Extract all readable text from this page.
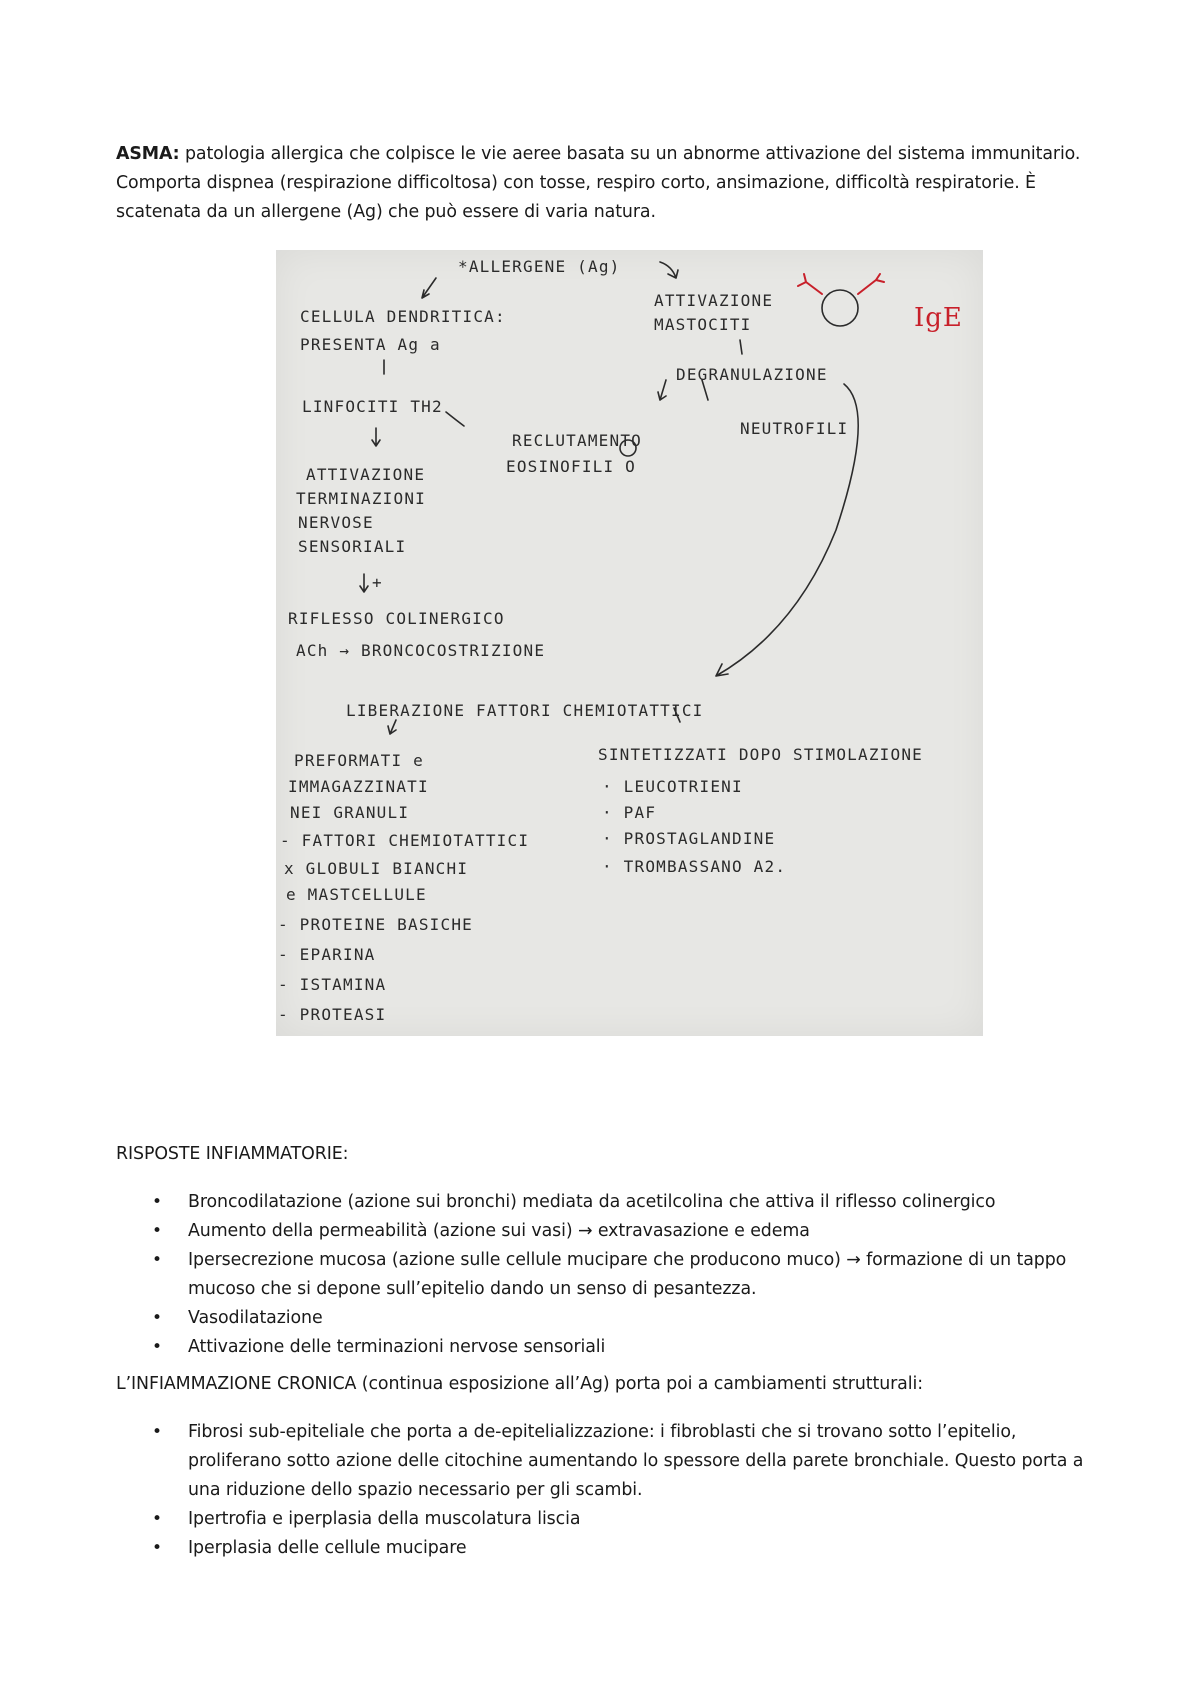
ASMA: patologia allergica che colpisce le vie aeree basata su un abnorme attivazione del sistema immunitario. Comporta dispnea (respirazione difficoltosa) con tosse, respiro corto, ansimazione, difficoltà respiratorie. È scatenata da un allergene (Ag) che può essere di varia natura.

*ALLERGENE (Ag)
CELLULA DENDRITICA:
PRESENTA Ag a
LINFOCITI TH2
ATTIVAZIONE
TERMINAZIONI
NERVOSE
SENSORIALI
+
RIFLESSO COLINERGICO
ACh → BRONCOCOSTRIZIONE
RECLUTAMENTO
EOSINOFILI O
ATTIVAZIONE
MASTOCITI
DEGRANULAZIONE
NEUTROFILI
IgE
LIBERAZIONE FATTORI CHEMIOTATTICI
PREFORMATI e
IMMAGAZZINATI
NEI GRANULI
- FATTORI CHEMIOTATTICI
x GLOBULI BIANCHI
e MASTCELLULE
- PROTEINE BASICHE
- EPARINA
- ISTAMINA
- PROTEASI
SINTETIZZATI DOPO STIMOLAZIONE
· LEUCOTRIENI
· PAF
· PROSTAGLANDINE
· TROMBASSANO A2.

RISPOSTE INFIAMMATORIE:

• Broncodilatazione (azione sui bronchi) mediata da acetilcolina che attiva il riflesso colinergico
• Aumento della permeabilità (azione sui vasi) → extravasazione e edema
• Ipersecrezione mucosa (azione sulle cellule mucipare che producono muco) → formazione di un tappo mucoso che si depone sull’epitelio dando un senso di pesantezza.
• Vasodilatazione
• Attivazione delle terminazioni nervose sensoriali

L’INFIAMMAZIONE CRONICA (continua esposizione all’Ag) porta poi a cambiamenti strutturali:

• Fibrosi sub-epiteliale che porta a de-epitelializzazione: i fibroblasti che si trovano sotto l’epitelio, proliferano sotto azione delle citochine aumentando lo spessore della parete bronchiale. Questo porta a una riduzione dello spazio necessario per gli scambi.
• Ipertrofia e iperplasia della muscolatura liscia
• Iperplasia delle cellule mucipare
